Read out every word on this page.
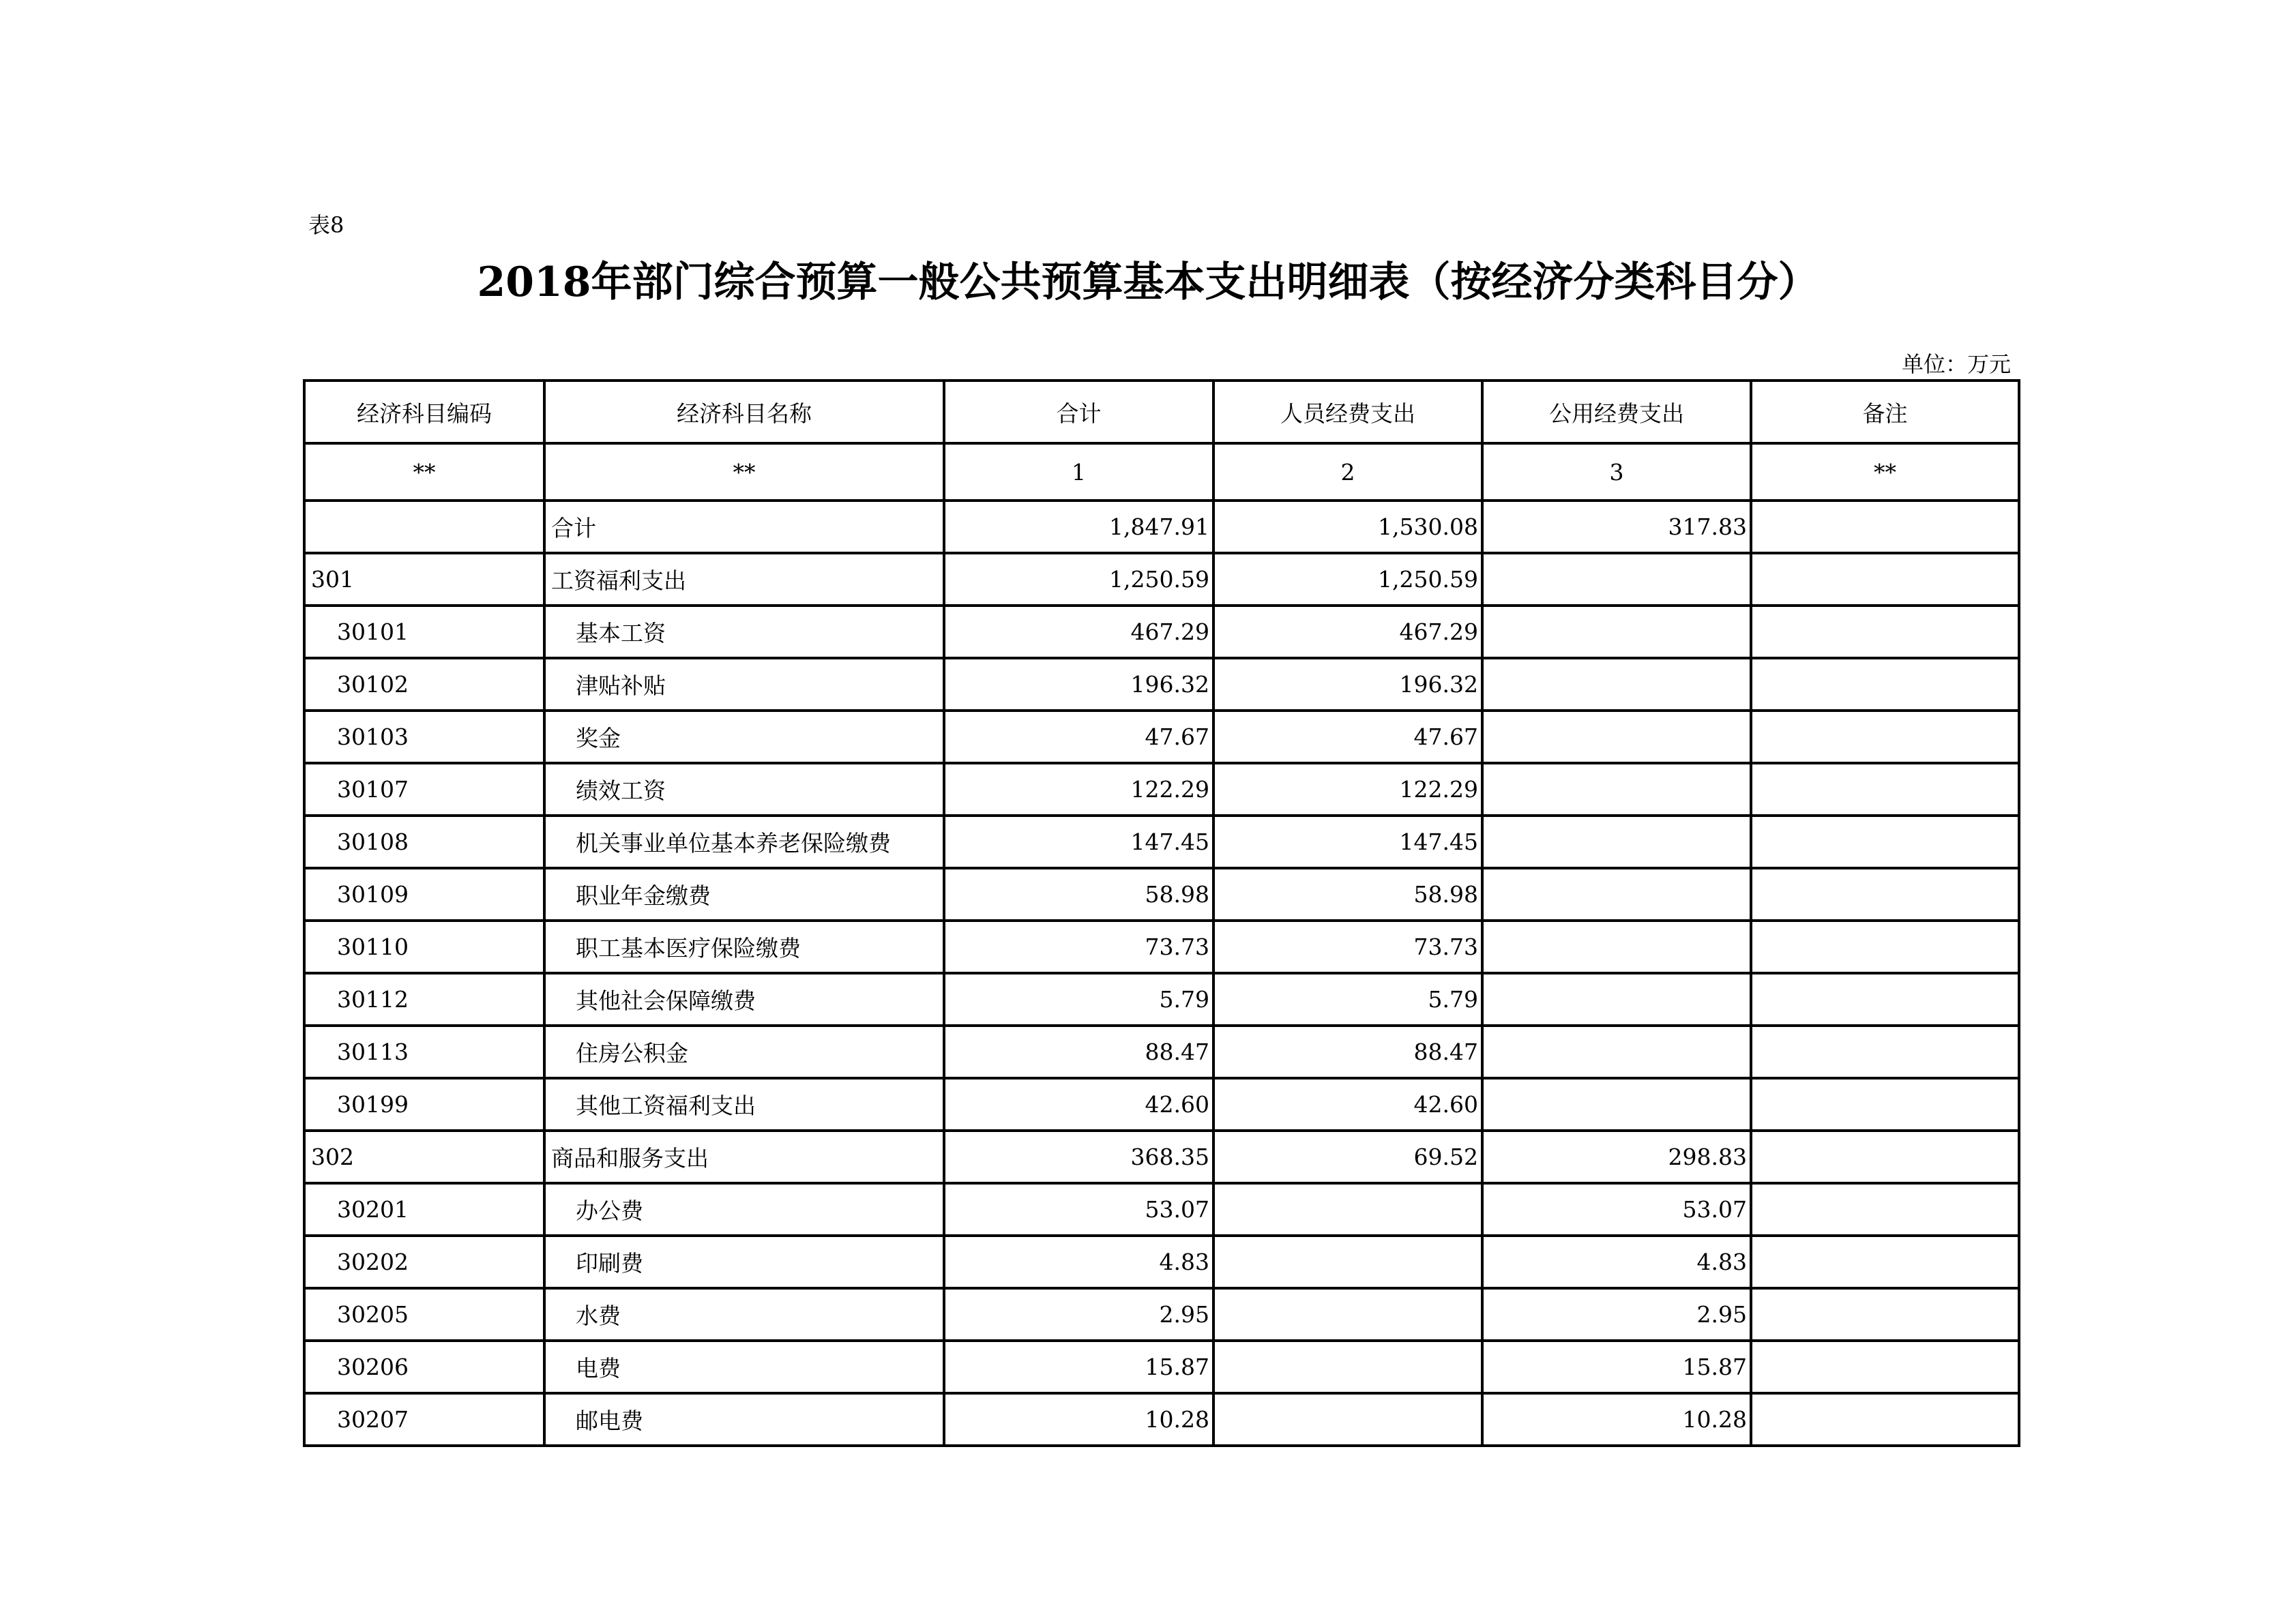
表8
2018年部门综合预算一般公共预算基本支出明细表（按经济分类科目分）
单位：万元
经济科目编码	经济科目名称	合计	人员经费支出	公用经费支出	备注
**	**	1	2	3	**
	合计	1,847.91	1,530.08	317.83	
301	工资福利支出	1,250.59	1,250.59		
30101	基本工资	467.29	467.29		
30102	津贴补贴	196.32	196.32		
30103	奖金	47.67	47.67		
30107	绩效工资	122.29	122.29		
30108	机关事业单位基本养老保险缴费	147.45	147.45		
30109	职业年金缴费	58.98	58.98		
30110	职工基本医疗保险缴费	73.73	73.73		
30112	其他社会保障缴费	5.79	5.79		
30113	住房公积金	88.47	88.47		
30199	其他工资福利支出	42.60	42.60		
302	商品和服务支出	368.35	69.52	298.83	
30201	办公费	53.07		53.07	
30202	印刷费	4.83		4.83	
30205	水费	2.95		2.95	
30206	电费	15.87		15.87	
30207	邮电费	10.28		10.28	
